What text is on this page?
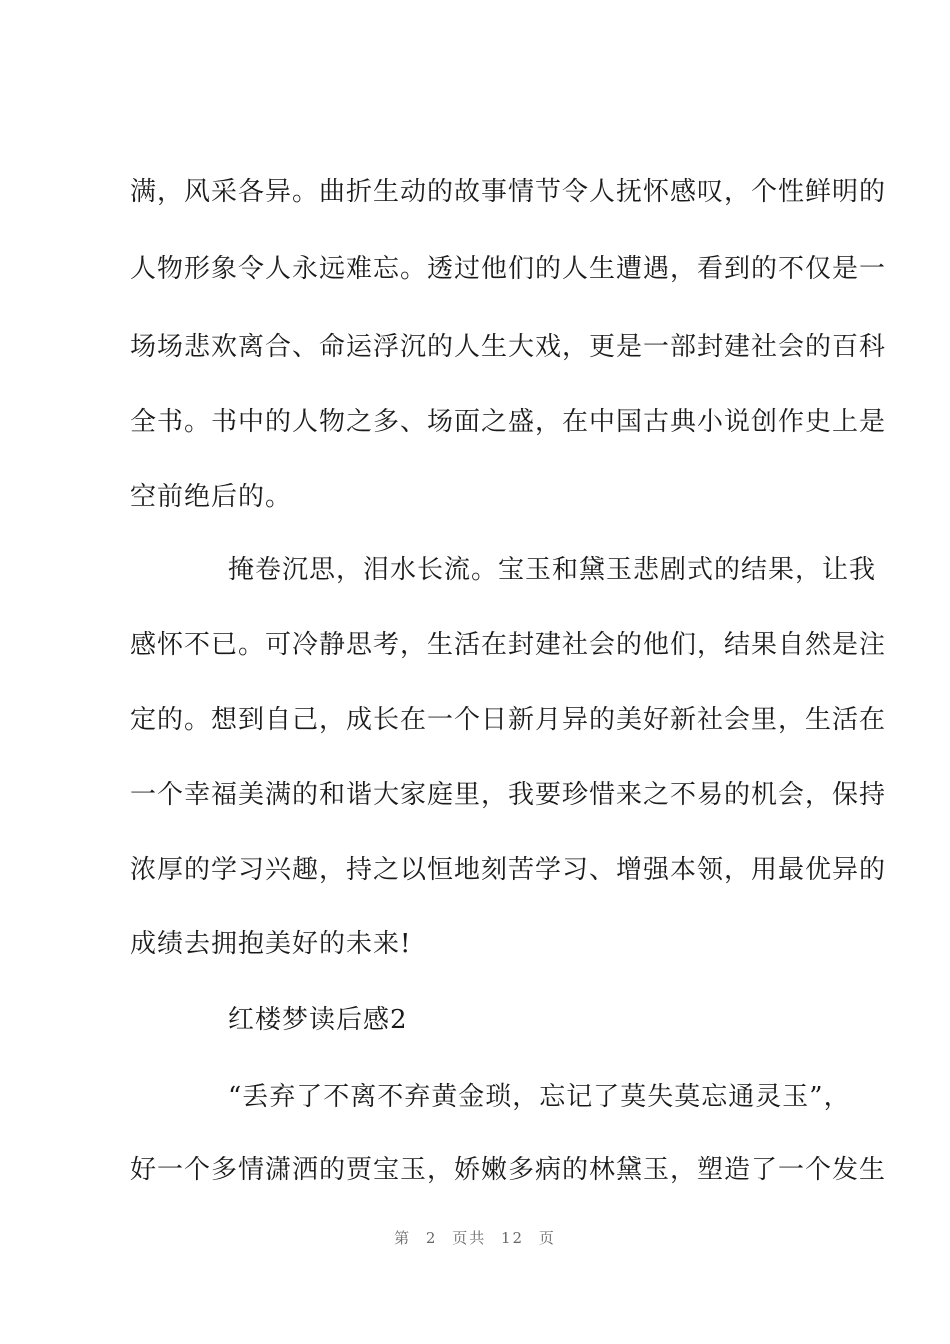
满，风采各异。曲折生动的故事情节令人抚怀感叹，个性鲜明的
人物形象令人永远难忘。透过他们的人生遭遇，看到的不仅是一
场场悲欢离合、命运浮沉的人生大戏，更是一部封建社会的百科
全书。书中的人物之多、场面之盛，在中国古典小说创作史上是
空前绝后的。
掩卷沉思，泪水长流。宝玉和黛玉悲剧式的结果，让我
感怀不已。可冷静思考，生活在封建社会的他们，结果自然是注
定的。想到自己，成长在一个日新月异的美好新社会里，生活在
一个幸福美满的和谐大家庭里，我要珍惜来之不易的机会，保持
浓厚的学习兴趣，持之以恒地刻苦学习、增强本领，用最优异的
成绩去拥抱美好的未来!
红楼梦读后感2
“丢弃了不离不弃黄金琐，忘记了莫失莫忘通灵玉”，
好一个多情潇洒的贾宝玉，娇嫩多病的林黛玉，塑造了一个发生
第 2 页共 12 页
